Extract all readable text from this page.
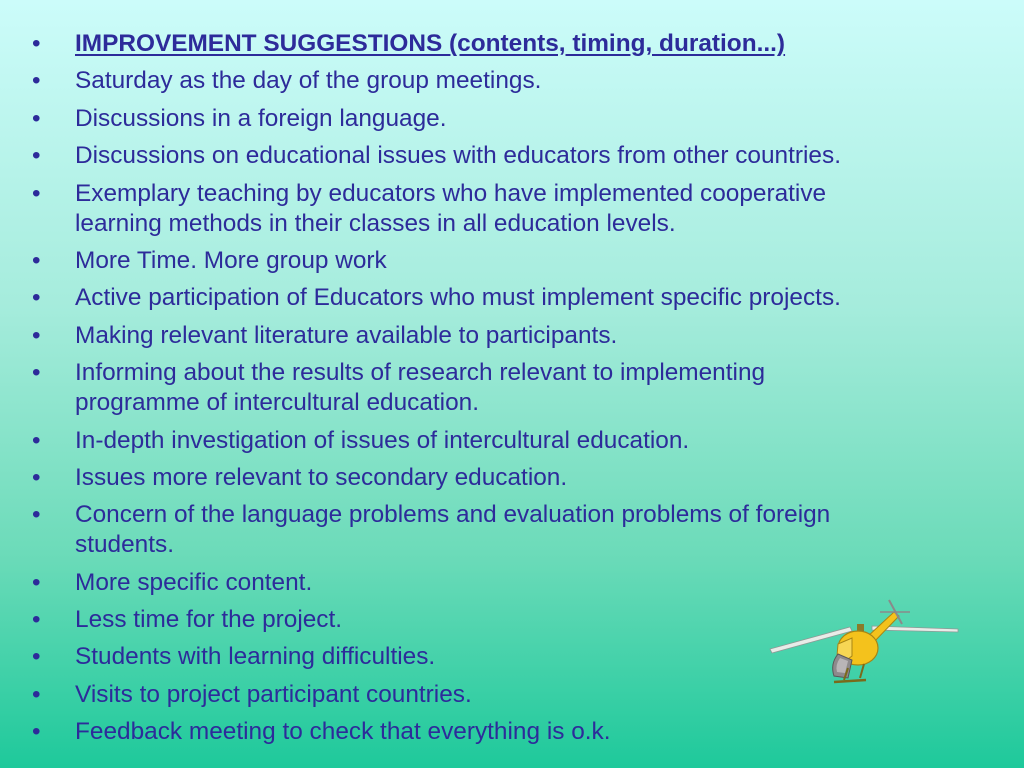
•	IMPROVEMENT SUGGESTIONS (contents, timing, duration...)
•	Saturday as the day of the group meetings.
•	Discussions in a foreign language.
•	Discussions on educational issues with educators from other countries.
•	Exemplary teaching by educators who have implemented cooperative
learning methods in their classes in all education levels.
•	More Time. More group work
•	Active participation of Educators who must implement specific projects.
•	Making relevant literature available to participants.
•	Informing about the results of research relevant to implementing
programme of intercultural education.
•	In-depth investigation of issues of intercultural education.
•	Issues more relevant to secondary education.
•	Concern of the language problems and evaluation problems of foreign
students.
•	More specific content.
•	Less time for the project.
•	Students with learning difficulties.
•	Visits to project participant countries.
•	Feedback meeting to check that everything is o.k.
